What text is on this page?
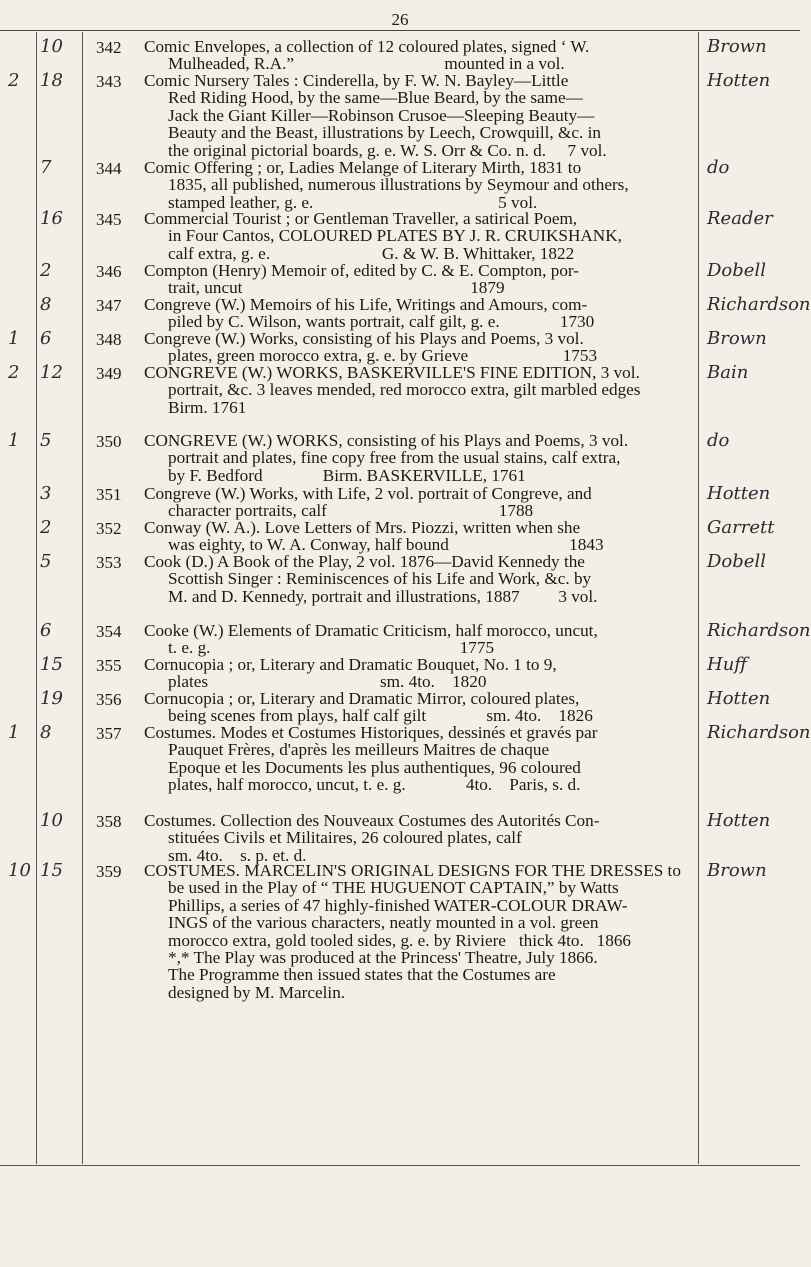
26
342 Comic Envelopes, a collection of 12 coloured plates, signed ‘ W.

Mulheaded, R.A.”                                   mounted in a vol.

Brown
10
343 Comic Nursery Tales : Cinderella, by F. W. N. Bayley—Little

Red Riding Hood, by the same—Blue Beard, by the same—

Jack the Giant Killer—Robinson Crusoe—Sleeping Beauty—

Beauty and the Beast, illustrations by Leech, Crowquill, &c. in

the original pictorial boards, g. e. W. S. Orr & Co. n. d.     7 vol.

Hotten
2 18
344 Comic Offering ; or, Ladies Melange of Literary Mirth, 1831 to

1835, all published, numerous illustrations by Seymour and others,

stamped leather, g. e.                                           5 vol.

do
7
345 Commercial Tourist ; or Gentleman Traveller, a satirical Poem,

in Four Cantos, COLOURED PLATES BY J. R. CRUIKSHANK,

calf extra, g. e.                          G. & W. B. Whittaker, 1822

Reader
16
346 Compton (Henry) Memoir of, edited by C. & E. Compton, por-

trait, uncut                                                     1879

Dobell
2
347 Congreve (W.) Memoirs of his Life, Writings and Amours, com-

piled by C. Wilson, wants portrait, calf gilt, g. e.              1730

Richardson
8
348 Congreve (W.) Works, consisting of his Plays and Poems, 3 vol.

plates, green morocco extra, g. e. by Grieve                      1753

Brown
1 6
349 CONGREVE (W.) WORKS, BASKERVILLE'S FINE EDITION, 3 vol.

portrait, &c. 3 leaves mended, red morocco extra, gilt marbled edges

Birm. 1761

Bain
2 12
350 CONGREVE (W.) WORKS, consisting of his Plays and Poems, 3 vol.

portrait and plates, fine copy free from the usual stains, calf extra,

by F. Bedford              Birm. BASKERVILLE, 1761

do
1 5
351 Congreve (W.) Works, with Life, 2 vol. portrait of Congreve, and

character portraits, calf                                        1788

Hotten
3
352 Conway (W. A.). Love Letters of Mrs. Piozzi, written when she

was eighty, to W. A. Conway, half bound                            1843

Garrett
2
353 Cook (D.) A Book of the Play, 2 vol. 1876—David Kennedy the

Scottish Singer : Reminiscences of his Life and Work, &c. by

M. and D. Kennedy, portrait and illustrations, 1887         3 vol.

Dobell
5
354 Cooke (W.) Elements of Dramatic Criticism, half morocco, uncut,

t. e. g.                                                          1775

Richardson
6
355 Cornucopia ; or, Literary and Dramatic Bouquet, No. 1 to 9,

plates                                        sm. 4to.    1820

Huff
15
356 Cornucopia ; or, Literary and Dramatic Mirror, coloured plates,

being scenes from plays, half calf gilt              sm. 4to.    1826

Hotten
19
357 Costumes. Modes et Costumes Historiques, dessinés et gravés par

Pauquet Frères, d'après les meilleurs Maitres de chaque

Epoque et les Documents les plus authentiques, 96 coloured

plates, half morocco, uncut, t. e. g.              4to.    Paris, s. d.

Richardson
1 8
358 Costumes. Collection des Nouveaux Costumes des Autorités Con-

stituées Civils et Militaires, 26 coloured plates, calf

sm. 4to.    s. p. et. d.

Hotten
10
359 COSTUMES. MARCELIN'S ORIGINAL DESIGNS FOR THE DRESSES to

be used in the Play of “ THE HUGUENOT CAPTAIN,” by Watts

Phillips, a series of 47 highly-finished WATER-COLOUR DRAW-

INGS of the various characters, neatly mounted in a vol. green

morocco extra, gold tooled sides, g. e. by Riviere   thick 4to.   1866

*,* The Play was produced at the Princess' Theatre, July 1866.

The Programme then issued states that the Costumes are

designed by M. Marcelin.

Brown
10 15
